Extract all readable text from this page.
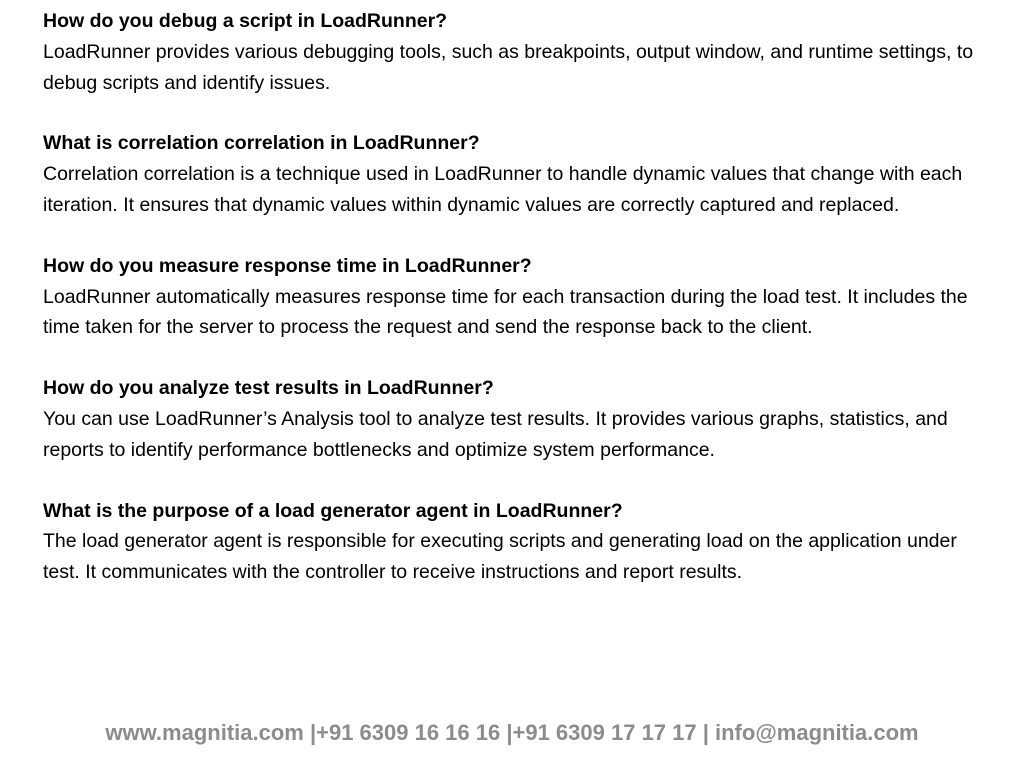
How do you debug a script in LoadRunner?
LoadRunner provides various debugging tools, such as breakpoints, output window, and runtime settings, to debug scripts and identify issues.
What is correlation correlation in LoadRunner?
Correlation correlation is a technique used in LoadRunner to handle dynamic values that change with each iteration. It ensures that dynamic values within dynamic values are correctly captured and replaced.
How do you measure response time in LoadRunner?
LoadRunner automatically measures response time for each transaction during the load test. It includes the time taken for the server to process the request and send the response back to the client.
How do you analyze test results in LoadRunner?
You can use LoadRunner’s Analysis tool to analyze test results. It provides various graphs, statistics, and reports to identify performance bottlenecks and optimize system performance.
What is the purpose of a load generator agent in LoadRunner?
The load generator agent is responsible for executing scripts and generating load on the application under test. It communicates with the controller to receive instructions and report results.
www.magnitia.com |+91 6309 16 16 16 |+91 6309 17 17 17 | info@magnitia.com
